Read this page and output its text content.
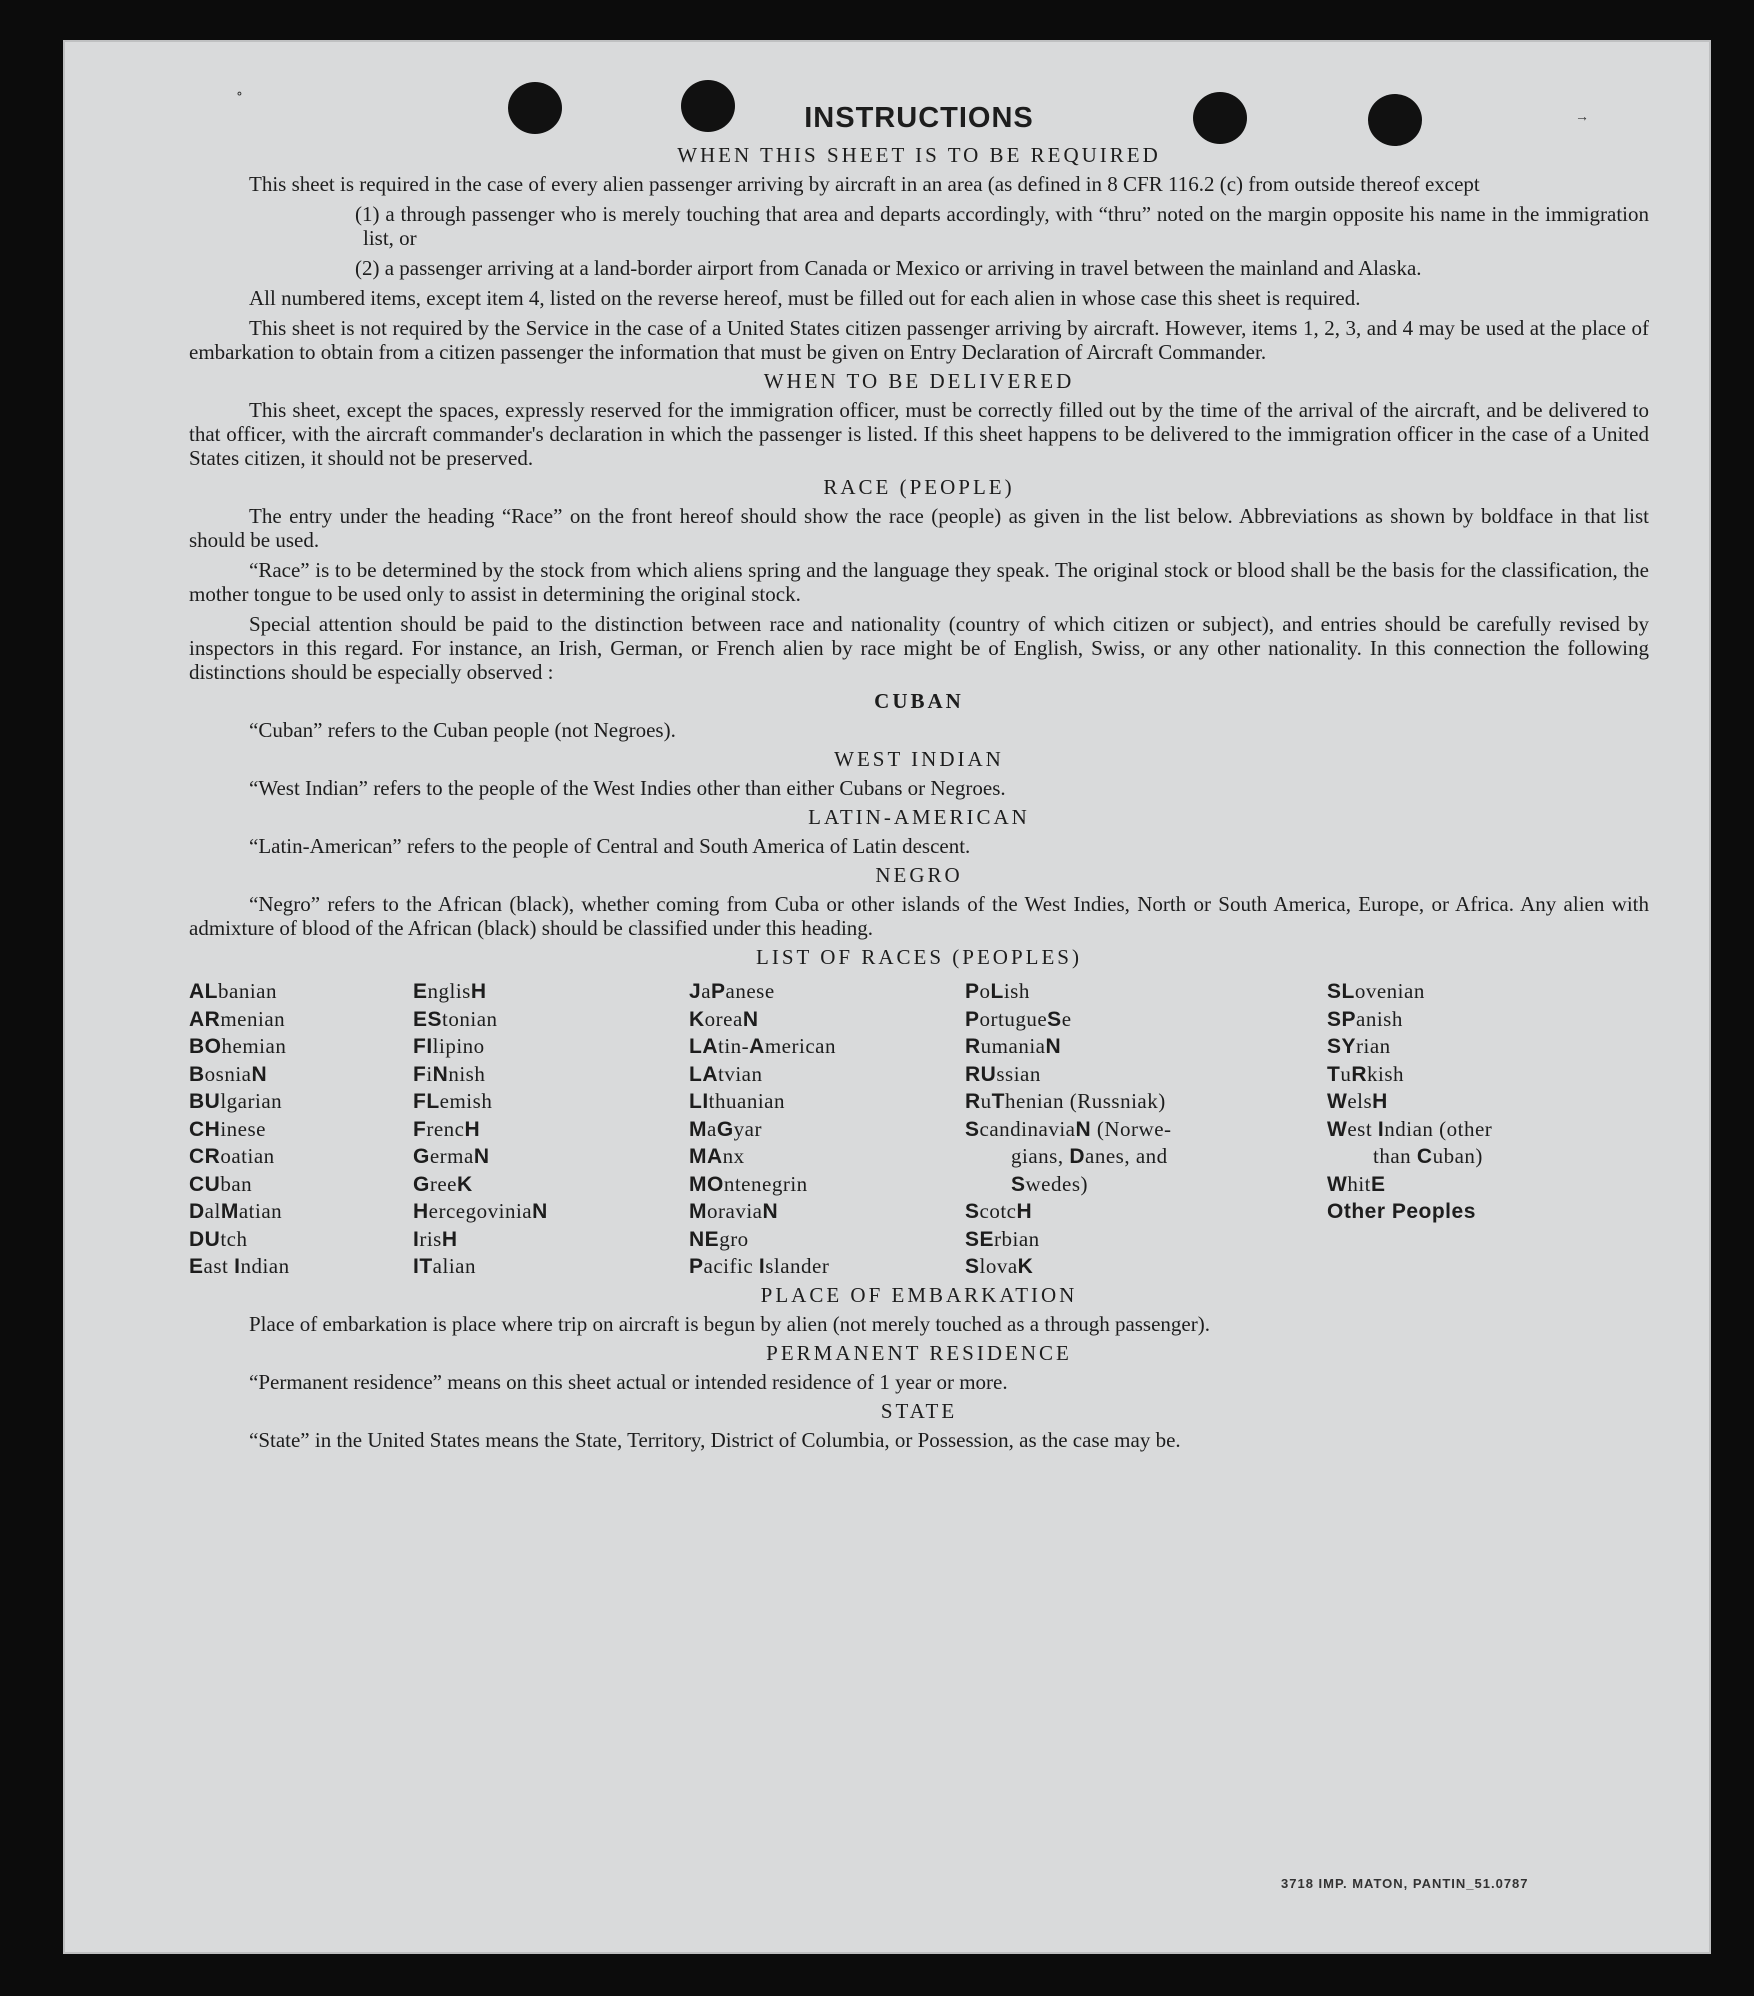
∘
→
INSTRUCTIONS
WHEN THIS SHEET IS TO BE REQUIRED

This sheet is required in the case of every alien passenger arriving by aircraft in an area (as defined in 8 CFR 116.2 (c) from outside thereof except

(1) a through passenger who is merely touching that area and departs accordingly, with “thru” noted on the margin opposite his name in the immigration list, or

(2) a passenger arriving at a land-border airport from Canada or Mexico or arriving in travel between the mainland and Alaska.

All numbered items, except item 4, listed on the reverse hereof, must be filled out for each alien in whose case this sheet is required.

This sheet is not required by the Service in the case of a United States citizen passenger arriving by aircraft. However, items 1, 2, 3, and 4 may be used at the place of embarkation to obtain from a citizen passenger the information that must be given on Entry Declaration of Aircraft Commander.

WHEN TO BE DELIVERED

This sheet, except the spaces, expressly reserved for the immigration officer, must be correctly filled out by the time of the arrival of the aircraft, and be delivered to that officer, with the aircraft commander's declaration in which the passenger is listed. If this sheet happens to be delivered to the immigration officer in the case of a United States citizen, it should not be preserved.

RACE (PEOPLE)

The entry under the heading “Race” on the front hereof should show the race (people) as given in the list below. Abbreviations as shown by boldface in that list should be used.

“Race” is to be determined by the stock from which aliens spring and the language they speak. The original stock or blood shall be the basis for the classification, the mother tongue to be used only to assist in determining the original stock.

Special attention should be paid to the distinction between race and nationality (country of which citizen or subject), and entries should be carefully revised by inspectors in this regard. For instance, an Irish, German, or French alien by race might be of English, Swiss, or any other nationality. In this connection the following distinctions should be especially observed :

CUBAN

“Cuban” refers to the Cuban people (not Negroes).

WEST INDIAN

“West Indian” refers to the people of the West Indies other than either Cubans or Negroes.

LATIN-AMERICAN

“Latin-American” refers to the people of Central and South America of Latin descent.

NEGRO

“Negro” refers to the African (black), whether coming from Cuba or other islands of the West Indies, North or South America, Europe, or Africa. Any alien with admixture of blood of the African (black) should be classified under this heading.

LIST OF RACES (PEOPLES)
ALbanian
ARmenian
BOhemian
BosniaN
BUlgarian
CHinese
CRoatian
CUban
DalMatian
DUtch
East Indian
EnglisH
EStonian
FIlipino
FiNnish
FLemish
FrencH
GermaN
GreeK
HercegoviniaN
IrisH
ITalian
JaPanese
KoreaN
LAtin-American
LAtvian
LIthuanian
MaGyar
MAnx
MOntenegrin
MoraviaN
NEgro
Pacific Islander
PoLish
PortugueSe
RumaniaN
RUssian
RuThenian (Russniak)
ScandinaviaN (Norwe-
gians, Danes, and
Swedes)
ScotcH
SErbian
SlovaK
SLovenian
SPanish
SYrian
TuRkish
WelsH
West Indian (other
than Cuban)
WhitE
Other Peoples
PLACE OF EMBARKATION

Place of embarkation is place where trip on aircraft is begun by alien (not merely touched as a through passenger).

PERMANENT RESIDENCE

“Permanent residence” means on this sheet actual or intended residence of 1 year or more.

STATE

“State” in the United States means the State, Territory, District of Columbia, or Possession, as the case may be.

3718 IMP. MATON, PANTIN_51.0787
